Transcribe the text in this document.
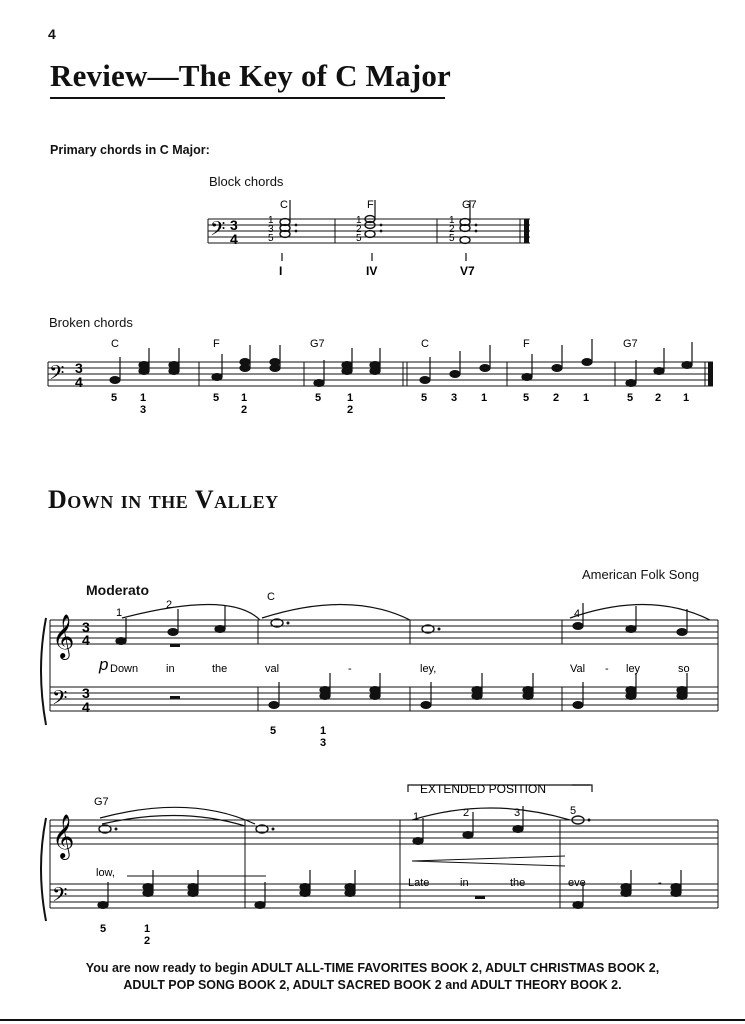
4
Review—The Key of C Major
Primary chords in C Major:
Block chords
𝄢 3
4
C	F	G7
1
3
5
1
2
5
1
2
5
I	IV	V7
Broken chords
𝄢 3
4
C	F	G7	C	F	G7
5 1
3
5 1
2
5 1
2
5 3 1	5 2 1	5 2 1
Down in the Valley
American Folk Song
Moderato
𝄞
𝄢
3
4
3
4
1
2
4
C
5	1
3
p Down	in	the	val	-	ley,	Val - ley	so
𝄞
𝄢
EXTENDED POSITION
G7
1	2	3	5
5	1
2
low,
Late	in	the	eve	-
You are now ready to begin ADULT ALL-TIME FAVORITES BOOK 2, ADULT CHRISTMAS BOOK 2,
ADULT POP SONG BOOK 2, ADULT SACRED BOOK 2 and ADULT THEORY BOOK 2.
